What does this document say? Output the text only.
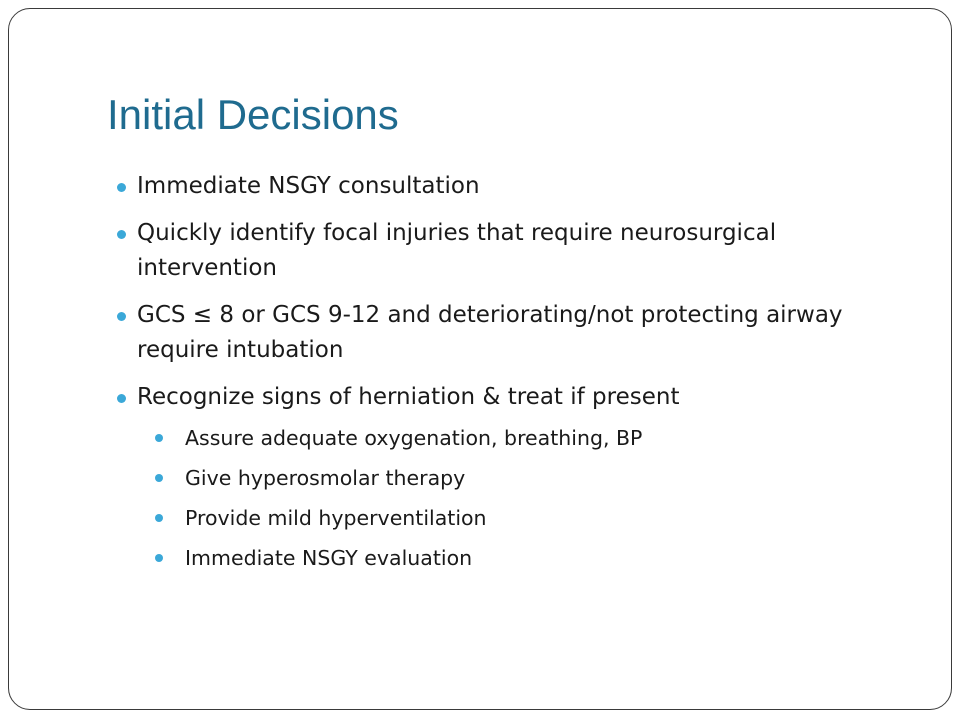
Initial Decisions
Immediate NSGY consultation
Quickly identify focal injuries that require neurosurgical intervention
GCS ≤ 8 or GCS 9-12 and deteriorating/not protecting airway require intubation
Recognize signs of herniation & treat if present
Assure adequate oxygenation, breathing, BP
Give hyperosmolar therapy
Provide mild hyperventilation
Immediate NSGY evaluation
